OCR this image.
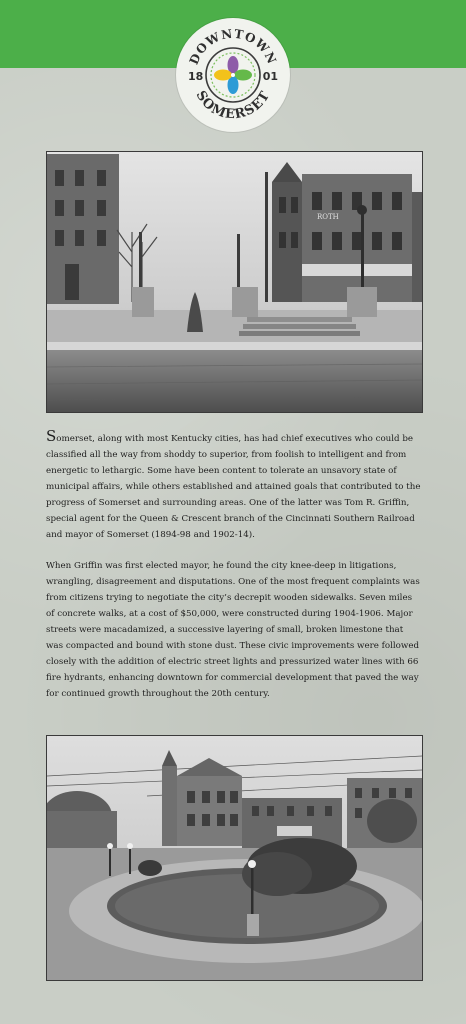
DOWNTOWN
SOMERSET
18	01
ROTH

Somerset, along with most Kentucky cities, has had chief executives who could be classified all the way from shoddy to superior, from foolish to intelligent and from energetic to lethargic. Some have been content to tolerate an unsavory state of municipal affairs, while others established and attained goals that contributed to the progress of Somerset and surrounding areas. One of the latter was Tom R. Griffin, special agent for the Queen & Crescent branch of the Cincinnati Southern Railroad and mayor of Somerset (1894-98 and 1902-14).

When Griffin was first elected mayor, he found the city knee-deep in litigations, wrangling, disagreement and disputations. One of the most frequent complaints was from citizens trying to negotiate the city’s decrepit wooden sidewalks. Seven miles of concrete walks, at a cost of $50,000, were constructed during 1904-1906. Major streets were macadamized, a successive layering of small, broken limestone that was compacted and bound with stone dust. These civic improvements were followed closely with the addition of electric street lights and pressurized water lines with 66 fire hydrants, enhancing downtown for commercial development that paved the way for continued growth throughout the 20th century.
